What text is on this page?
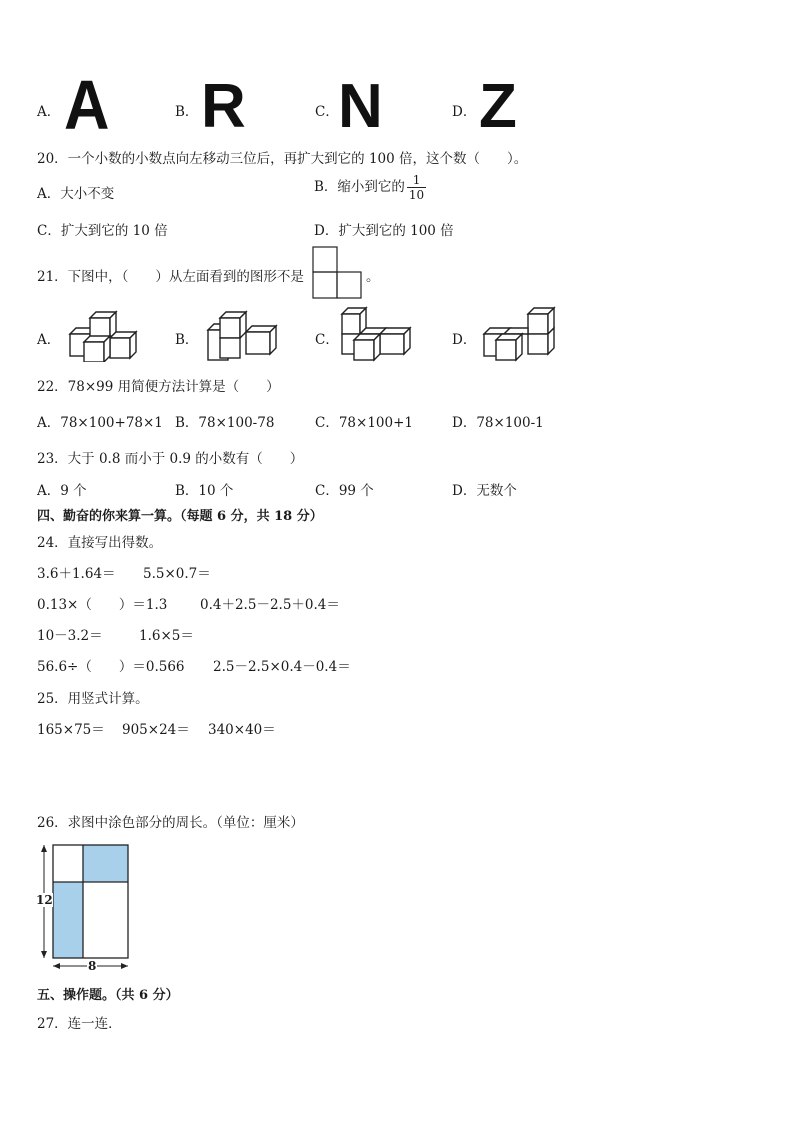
A． A	B． R	C． N	D． Z
20．一个小数的小数点向左移动三位后，再扩大到它的 100 倍，这个数（　　）。
A．大小不变	B．缩小到它的 $\frac{1}{10}$
C．扩大到它的 10 倍	D．扩大到它的 100 倍
21．下图中，（　　）从左面看到的图形不是	。
A．	B．	C．	D．
22．78×99 用简便方法计算是（　　）
A．78×100+78×1 B．78×100-78	C．78×100+1	D．78×100-1
23．大于 0.8 而小于 0.9 的小数有（　　）
A．9 个	B．10 个	C．99 个	D．无数个
四、勤奋的你来算一算。（每题 6 分，共 18 分）
24．直接写出得数。
3.6＋1.64＝ 5.5×0.7＝
0.13×（　　）＝1.3 0.4＋2.5－2.5＋0.4＝
10－3.2＝	1.6×5＝
56.6÷（　　）＝0.566 2.5－2.5×0.4－0.4＝
25．用竖式计算。
165×75＝ 905×24＝ 340×40＝
26．求图中涂色部分的周长。（单位：厘米）
12
8
五、操作题。（共 6 分）
27．连一连．
